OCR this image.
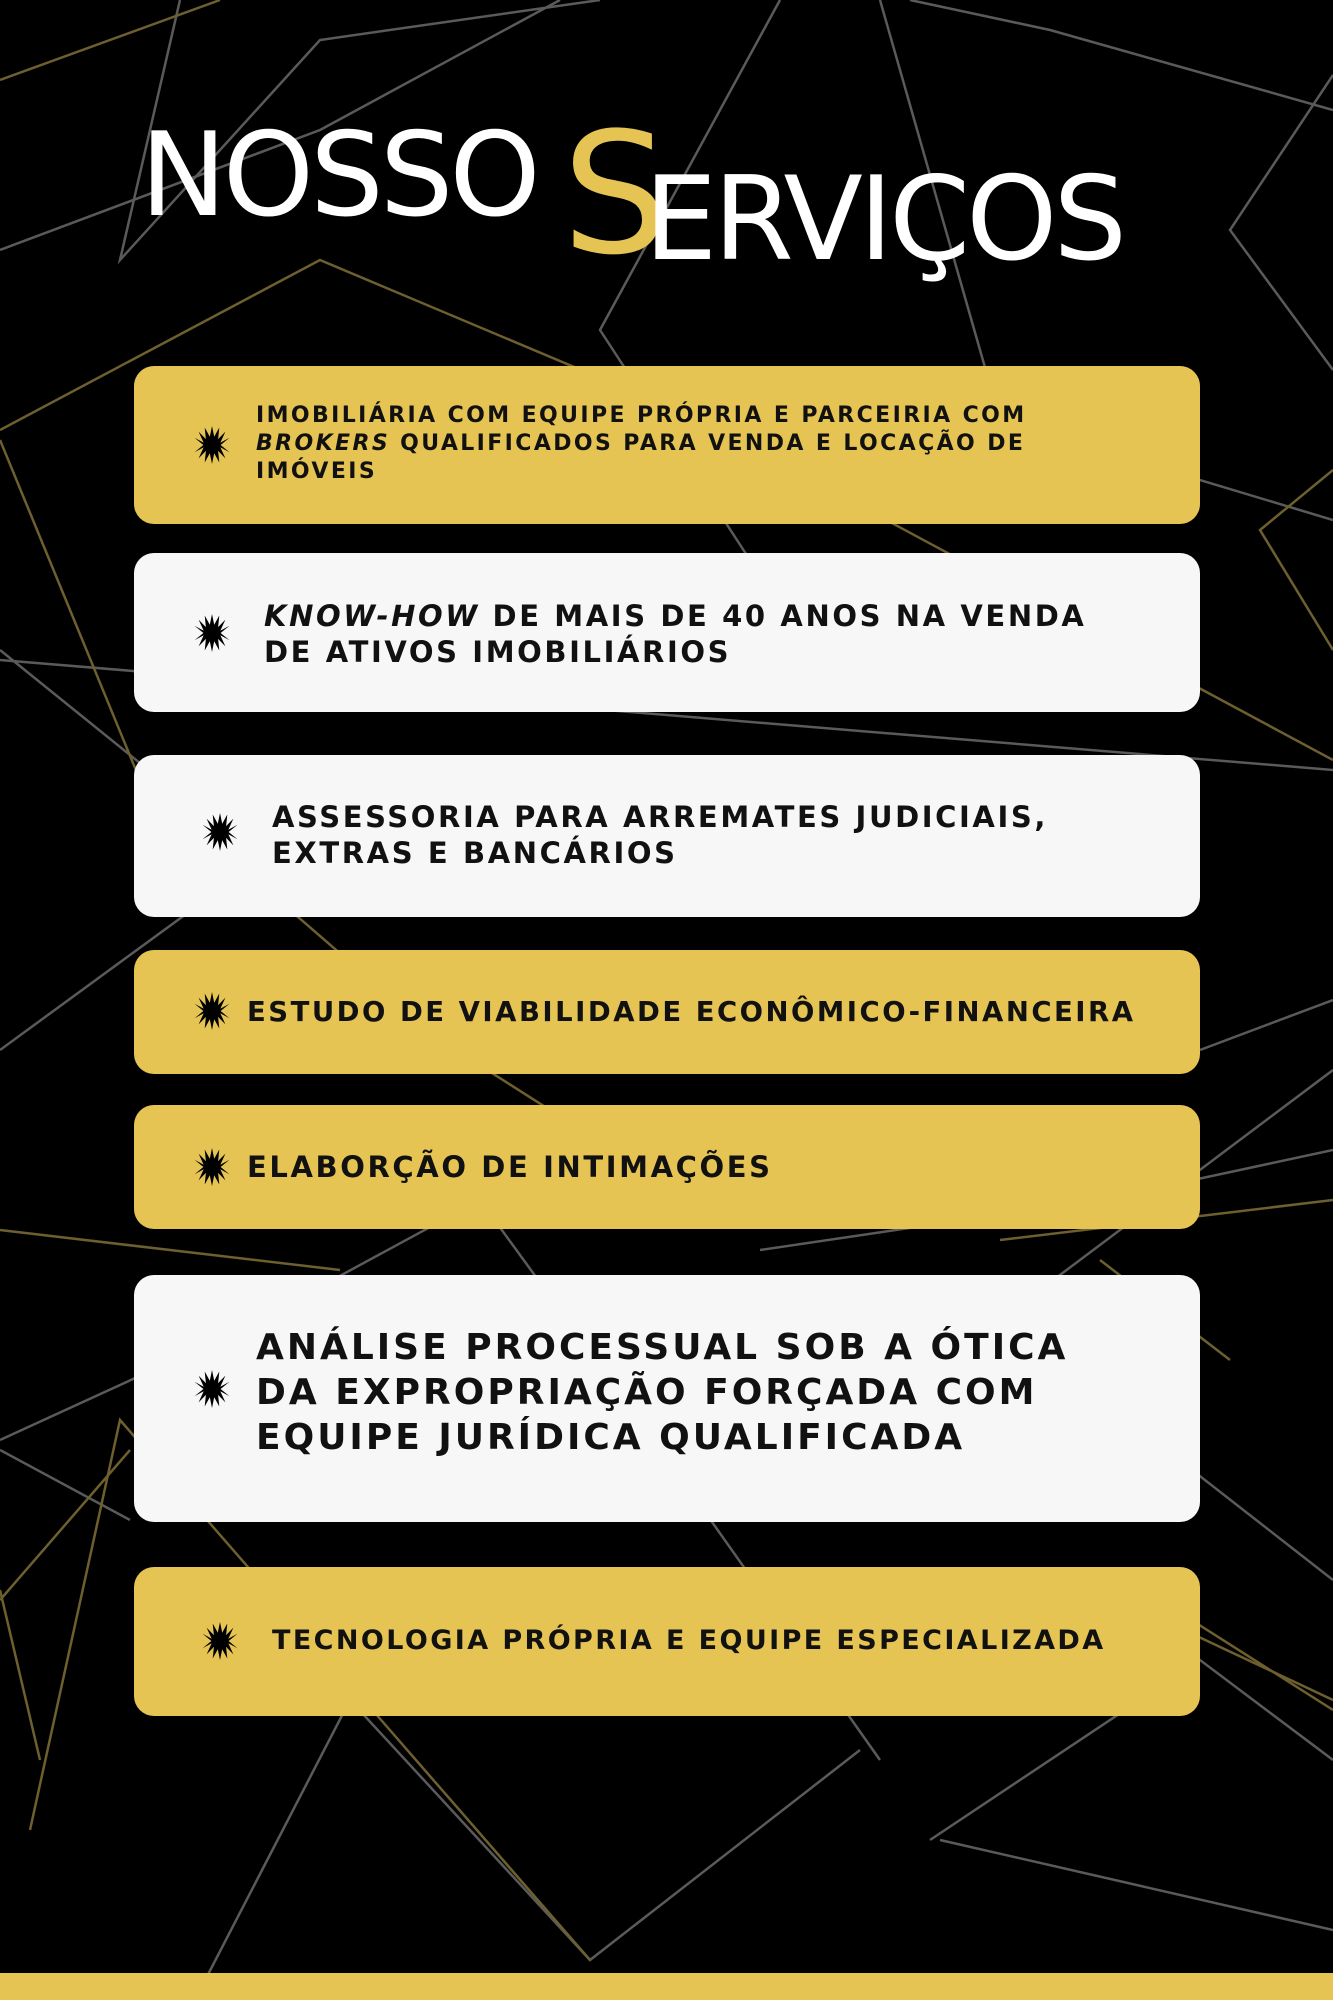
NOSSO S
ERVIÇOS
IMOBILIÁRIA COM EQUIPE PRÓPRIA E PARCEIRIA COM
BROKERS QUALIFICADOS PARA VENDA E LOCAÇÃO DE
IMÓVEIS
KNOW-HOW DE MAIS DE 40 ANOS NA VENDA
DE ATIVOS IMOBILIÁRIOS
ASSESSORIA PARA ARREMATES JUDICIAIS,
EXTRAS E BANCÁRIOS
ESTUDO DE VIABILIDADE ECONÔMICO-FINANCEIRA
ELABORÇÃO DE INTIMAÇÕES
ANÁLISE PROCESSUAL SOB A ÓTICA
DA EXPROPRIAÇÃO FORÇADA COM
EQUIPE JURÍDICA QUALIFICADA
TECNOLOGIA PRÓPRIA E EQUIPE ESPECIALIZADA
